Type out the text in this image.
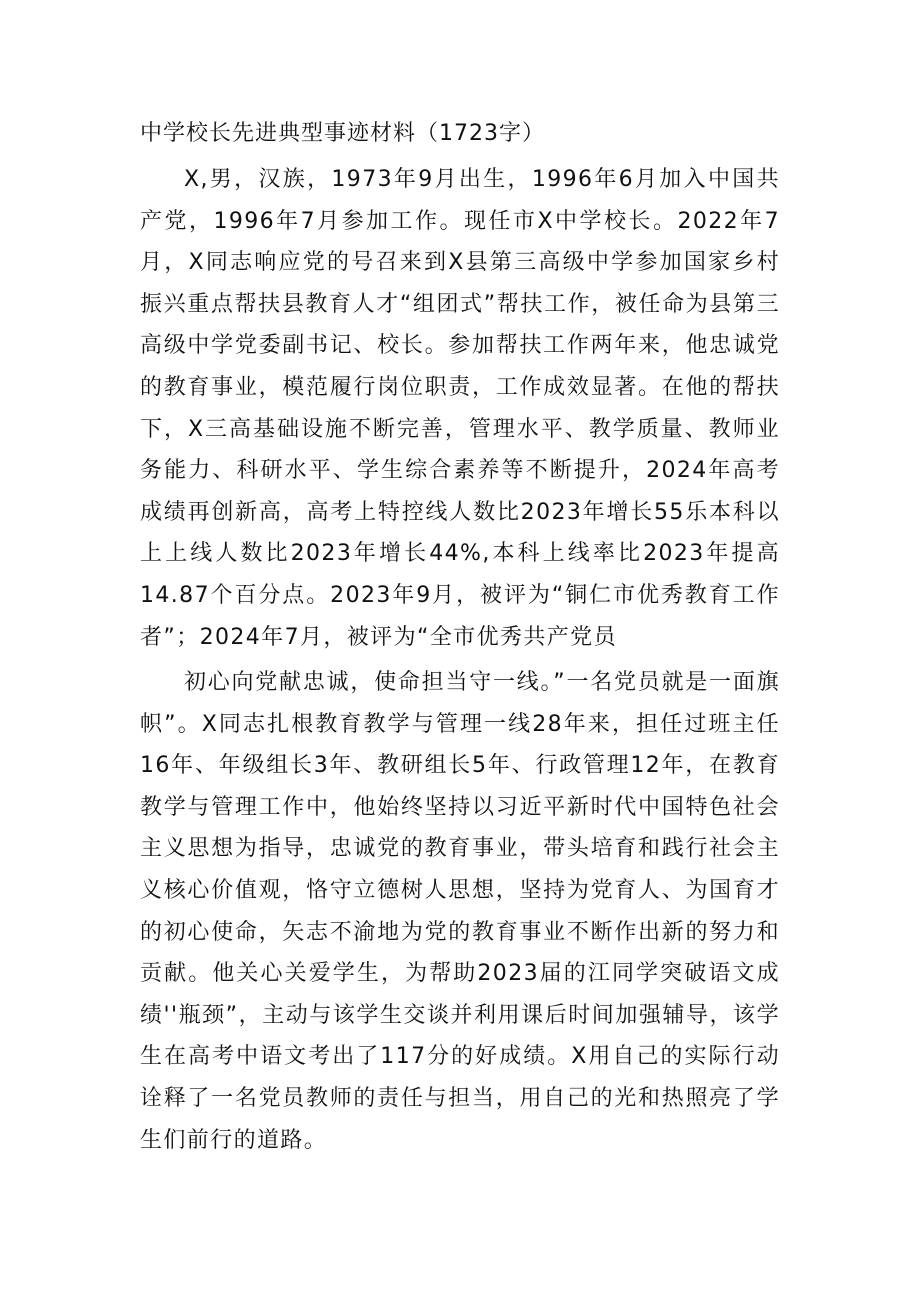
中学校长先进典型事迹材料（1723字）

X,男，汉族，1973年9月出生，1996年6月加入中国共产党，1996年7月参加工作。现任市X中学校长。2022年7月，X同志响应党的号召来到X县第三高级中学参加国家乡村振兴重点帮扶县教育人才“组团式”帮扶工作，被任命为县第三高级中学党委副书记、校长。参加帮扶工作两年来，他忠诚党的教育事业，模范履行岗位职责，工作成效显著。在他的帮扶下，X三高基础设施不断完善，管理水平、教学质量、教师业务能力、科研水平、学生综合素养等不断提升，2024年高考成绩再创新高，高考上特控线人数比2023年增长55乐本科以上上线人数比2023年增长44%,本科上线率比2023年提高14.87个百分点。2023年9月，被评为“铜仁市优秀教育工作者”；2024年7月，被评为“全市优秀共产党员

初心向党献忠诚，使命担当守一线。”一名党员就是一面旗帜”。X同志扎根教育教学与管理一线28年来，担任过班主任16年、年级组长3年、教研组长5年、行政管理12年，在教育教学与管理工作中，他始终坚持以习近平新时代中国特色社会主义思想为指导，忠诚党的教育事业，带头培育和践行社会主义核心价值观，恪守立德树人思想，坚持为党育人、为国育才的初心使命，矢志不渝地为党的教育事业不断作出新的努力和贡献。他关心关爱学生，为帮助2023届的江同学突破语文成绩''瓶颈”，主动与该学生交谈并利用课后时间加强辅导，该学生在高考中语文考出了117分的好成绩。X用自己的实际行动诠释了一名党员教师的责任与担当，用自己的光和热照亮了学生们前行的道路。
